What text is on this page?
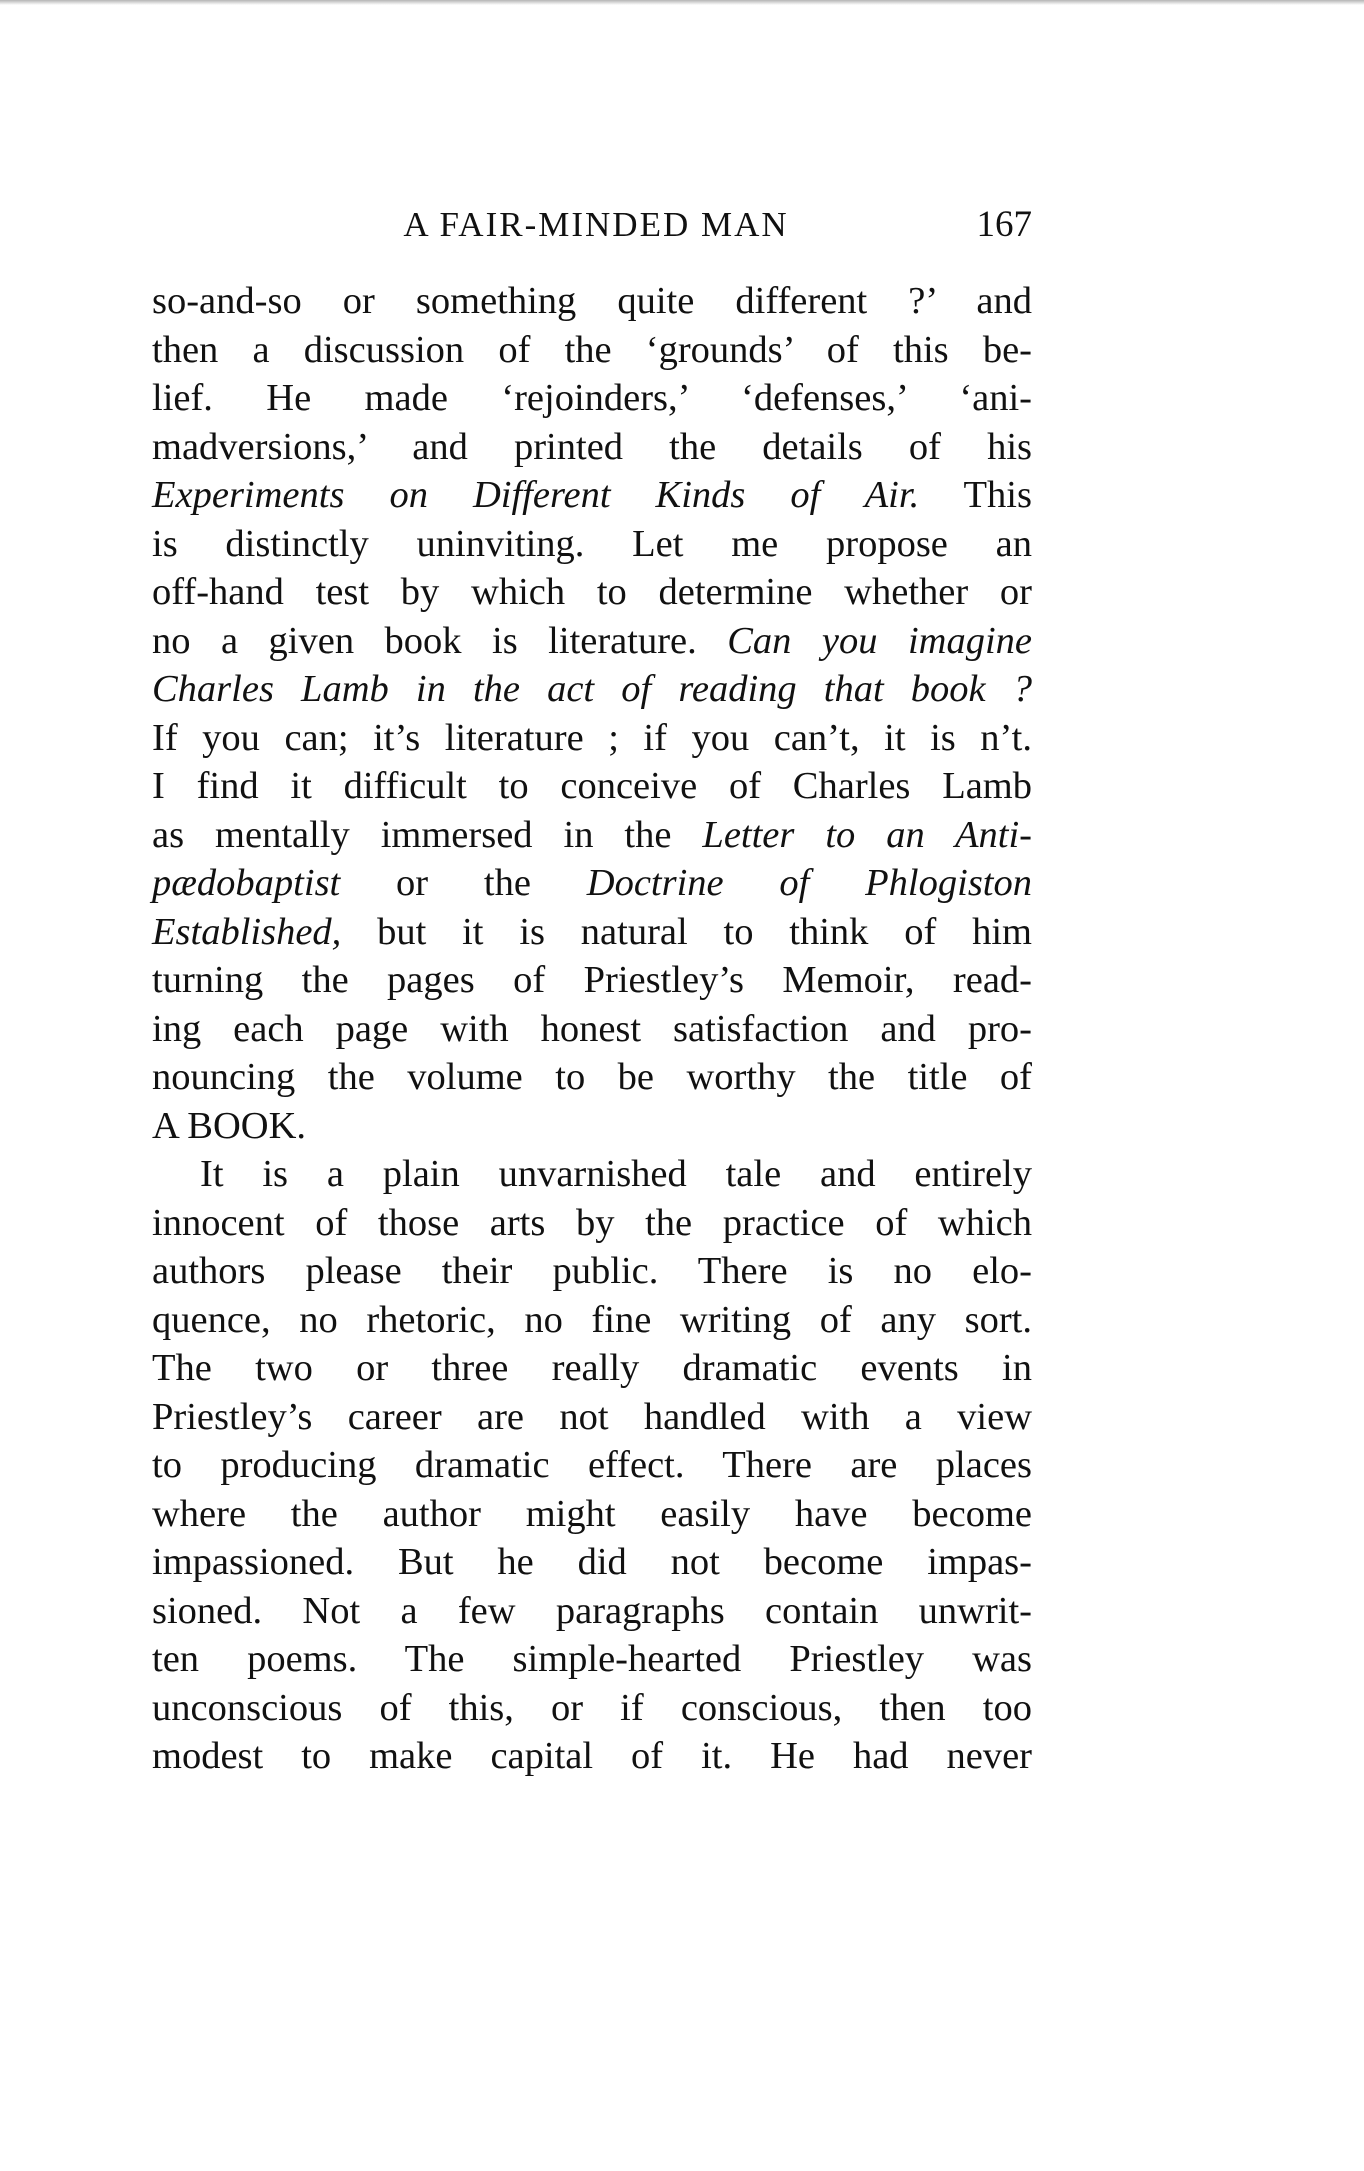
A FAIR-MINDED MAN	167
so-and-so or something quite different ?’ and
then a discussion of the ‘grounds’ of this be-
lief. He made ‘rejoinders,’ ‘defenses,’ ‘ani-
madversions,’ and printed the details of his
Experiments on Different Kinds of Air. This
is distinctly uninviting. Let me propose an
off-hand test by which to determine whether or
no a given book is literature. Can you imagine
Charles Lamb in the act of reading that book ?
If you can; it’s literature ; if you can’t, it is n’t.
I find it difficult to conceive of Charles Lamb
as mentally immersed in the Letter to an Anti-
pædobaptist or the Doctrine of Phlogiston
Established, but it is natural to think of him
turning the pages of Priestley’s Memoir, read-
ing each page with honest satisfaction and pro-
nouncing the volume to be worthy the title of
A BOOK.
It is a plain unvarnished tale and entirely
innocent of those arts by the practice of which
authors please their public. There is no elo-
quence, no rhetoric, no fine writing of any sort.
The two or three really dramatic events in
Priestley’s career are not handled with a view
to producing dramatic effect. There are places
where the author might easily have become
impassioned. But he did not become impas-
sioned. Not a few paragraphs contain unwrit-
ten poems. The simple-hearted Priestley was
unconscious of this, or if conscious, then too
modest to make capital of it. He had never
